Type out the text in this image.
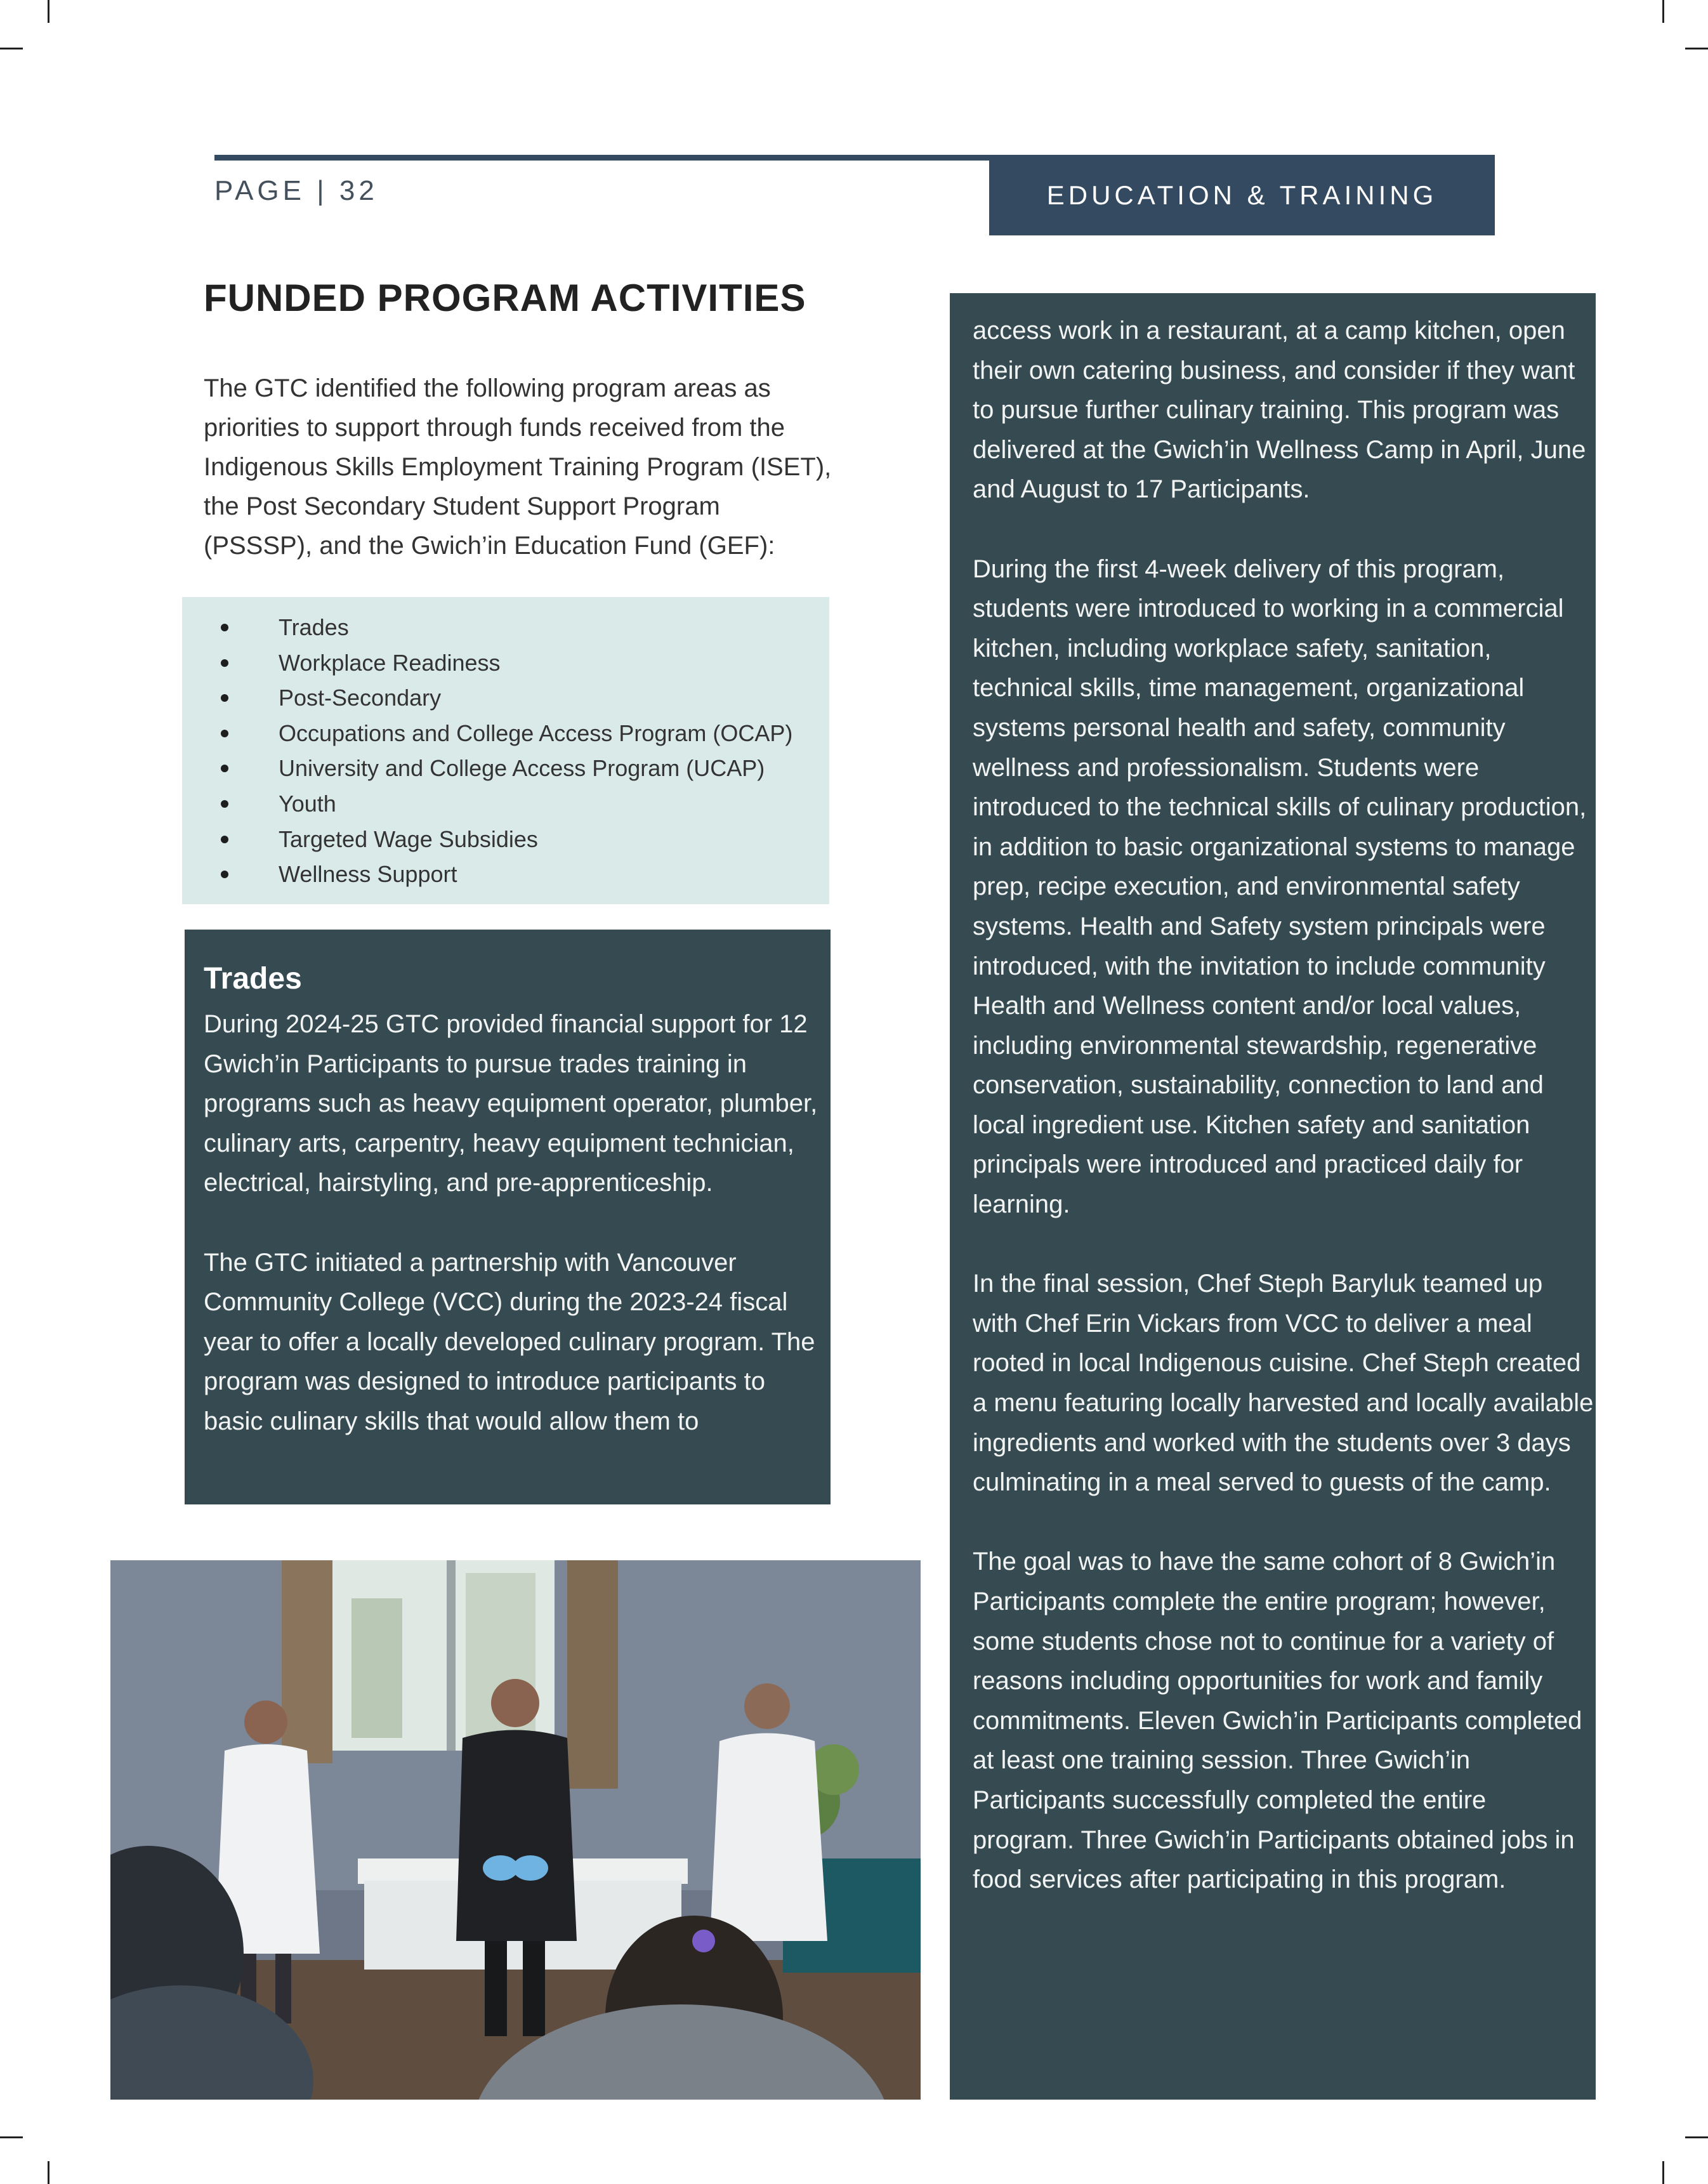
PAGE | 32	EDUCATION & TRAINING
FUNDED PROGRAM ACTIVITIES

The GTC identified the following program areas as priorities to support through funds received from the Indigenous Skills Employment Training Program (ISET), the Post Secondary Student Support Program (PSSSP), and the Gwich’in Education Fund (GEF):

Trades
Workplace Readiness
Post-Secondary
Occupations and College Access Program (OCAP)
University and College Access Program (UCAP)
Youth
Targeted Wage Subsidies
Wellness Support
Trades

During 2024-25 GTC provided financial support for 12 Gwich’in Participants to pursue trades training in programs such as heavy equipment operator, plumber, culinary arts, carpentry, heavy equipment technician, electrical, hairstyling, and pre-apprenticeship.

The GTC initiated a partnership with Vancouver Community College (VCC) during the 2023-24 fiscal year to offer a locally developed culinary program. The program was designed to introduce participants to basic culinary skills that would allow them to

access work in a restaurant, at a camp kitchen, open their own catering business, and consider if they want to pursue further culinary training. This program was delivered at the Gwich’in Wellness Camp in April, June and August to 17 Participants.

During the first 4-week delivery of this program, students were introduced to working in a commercial kitchen, including workplace safety, sanitation, technical skills, time management, organizational systems personal health and safety, community wellness and professionalism. Students were introduced to the technical skills of culinary production, in addition to basic organizational systems to manage prep, recipe execution, and environmental safety systems. Health and Safety system principals were introduced, with the invitation to include community Health and Wellness content and/or local values, including environmental stewardship, regenerative conservation, sustainability, connection to land and local ingredient use. Kitchen safety and sanitation principals were introduced and practiced daily for learning.

In the final session, Chef Steph Baryluk teamed up with Chef Erin Vickars from VCC to deliver a meal rooted in local Indigenous cuisine. Chef Steph created a menu featuring locally harvested and locally available ingredients and worked with the students over 3 days culminating in a meal served to guests of the camp.

The goal was to have the same cohort of 8 Gwich’in Participants complete the entire program; however, some students chose not to continue for a variety of reasons including opportunities for work and family commitments. Eleven Gwich’in Participants completed at least one training session. Three Gwich’in Participants successfully completed the entire program. Three Gwich’in Participants obtained jobs in food services after participating in this program.
